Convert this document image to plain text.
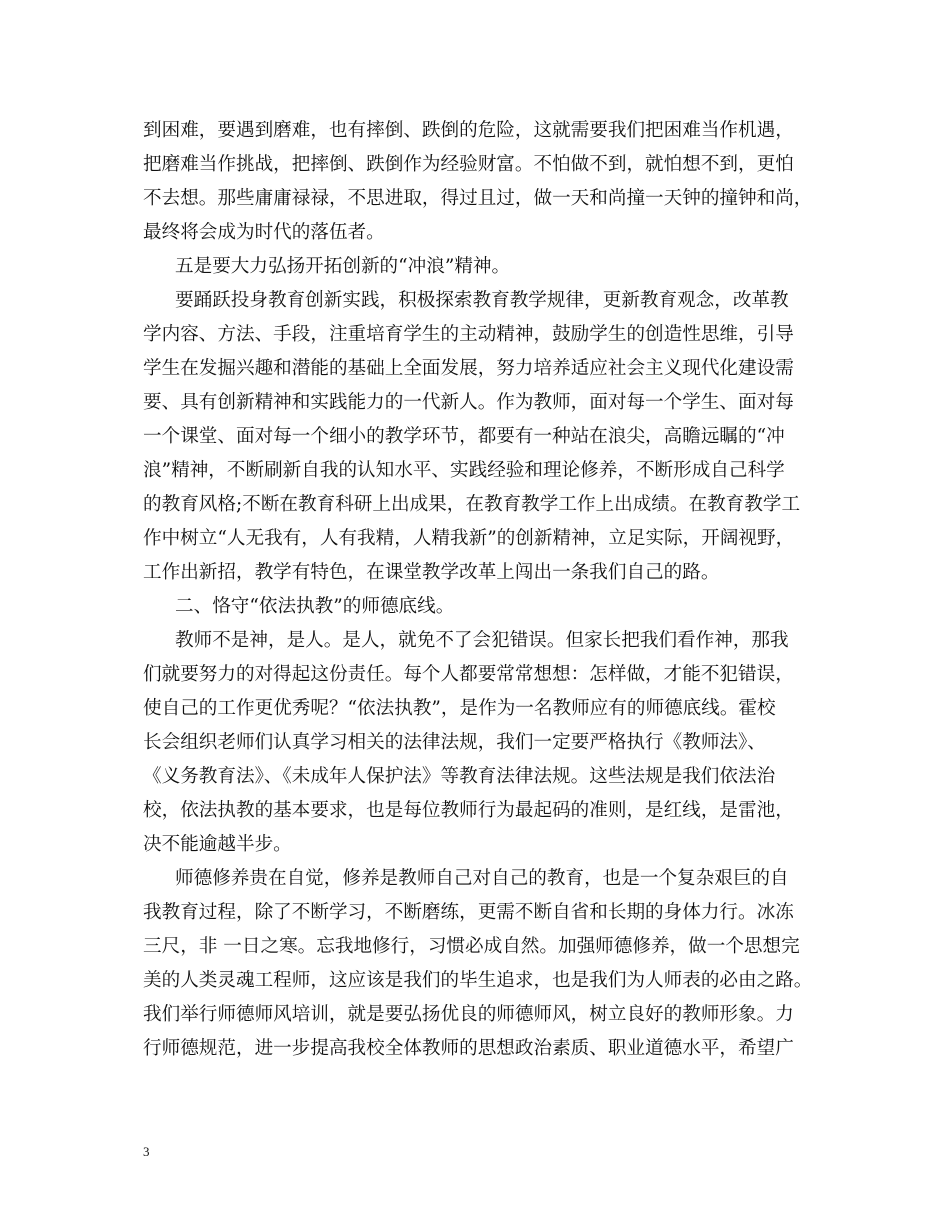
到困难，要遇到磨难，也有摔倒、跌倒的危险，这就需要我们把困难当作机遇，
把磨难当作挑战，把摔倒、跌倒作为经验财富。不怕做不到，就怕想不到，更怕
不去想。那些庸庸禄禄，不思进取，得过且过，做一天和尚撞一天钟的撞钟和尚，
最终将会成为时代的落伍者。
五是要大力弘扬开拓创新的“冲浪”精神。
要踊跃投身教育创新实践，积极探索教育教学规律，更新教育观念，改革教
学内容、方法、手段，注重培育学生的主动精神，鼓励学生的创造性思维，引导
学生在发掘兴趣和潜能的基础上全面发展，努力培养适应社会主义现代化建设需
要、具有创新精神和实践能力的一代新人。作为教师，面对每一个学生、面对每
一个课堂、面对每一个细小的教学环节，都要有一种站在浪尖，高瞻远瞩的“冲
浪”精神，不断刷新自我的认知水平、实践经验和理论修养，不断形成自己科学
的教育风格;不断在教育科研上出成果，在教育教学工作上出成绩。在教育教学工
作中树立“人无我有，人有我精，人精我新”的创新精神，立足实际，开阔视野，
工作出新招，教学有特色，在课堂教学改革上闯出一条我们自己的路。
二、恪守“依法执教”的师德底线。
教师不是神，是人。是人，就免不了会犯错误。但家长把我们看作神，那我
们就要努力的对得起这份责任。每个人都要常常想想：怎样做，才能不犯错误，
使自己的工作更优秀呢？“依法执教”，是作为一名教师应有的师德底线。霍校
长会组织老师们认真学习相关的法律法规，我们一定要严格执行《教师法》、
《义务教育法》、《未成年人保护法》等教育法律法规。这些法规是我们依法治
校，依法执教的基本要求，也是每位教师行为最起码的准则，是红线，是雷池，
决不能逾越半步。
师德修养贵在自觉，修养是教师自己对自己的教育，也是一个复杂艰巨的自
我教育过程，除了不断学习，不断磨练，更需不断自省和长期的身体力行。冰冻
三尺，非 一日之寒。忘我地修行，习惯必成自然。加强师德修养，做一个思想完
美的人类灵魂工程师，这应该是我们的毕生追求，也是我们为人师表的必由之路。
我们举行师德师风培训，就是要弘扬优良的师德师风，树立良好的教师形象。力
行师德规范，进一步提高我校全体教师的思想政治素质、职业道德水平，希望广
3
